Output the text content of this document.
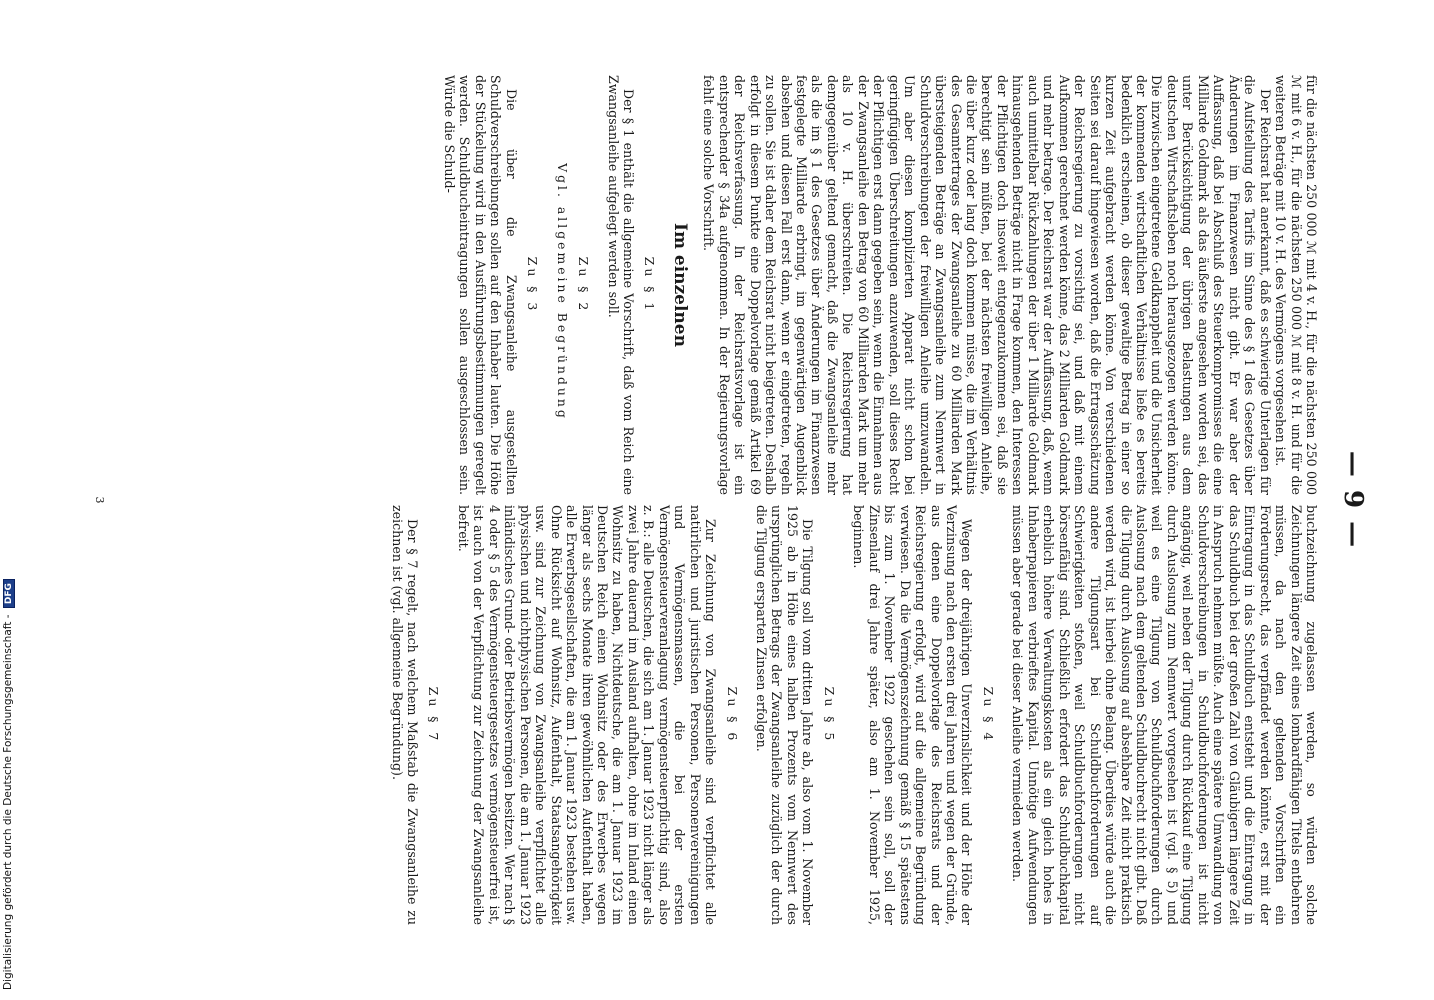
— 9 —

für die nächsten 250 000 ℳ mit 4 v. H., für die nächsten 250 000 ℳ mit 6 v. H., für die nächsten 250 000 ℳ mit 8 v. H. und für die weiteren Beträge mit 10 v. H. des Vermögens vorgesehen ist.

Der Reichsrat hat anerkannt, daß es schwierige Unterlagen für die Aufstellung des Tarifs im Sinne des § 1 des Gesetzes über Änderungen im Finanzwesen nicht gibt. Er war aber der Auffassung, daß bei Abschluß des Steuerkompromisses die eine Milliarde Goldmark als das äußerste angesehen worden sei, das unter Berücksichtigung der übrigen Belastungen aus dem deutschen Wirtschaftsleben noch herausgezogen werden könne. Die inzwischen eingetretene Geldknappheit und die Unsicherheit der kommenden wirtschaftlichen Verhältnisse ließe es bereits bedenklich erscheinen, ob dieser gewaltige Betrag in einer so kurzen Zeit aufgebracht werden könne. Von verschiedenen Seiten sei darauf hingewiesen worden, daß die Ertragsschätzung der Reichsregierung zu vorsichtig sei, und daß mit einem Aufkommen gerechnet werden könne, das 2 Milliarden Goldmark und mehr betrage. Der Reichsrat war der Auffassung, daß, wenn auch unmittelbar Rückzahlungen der über 1 Milliarde Goldmark hinausgehenden Beträge nicht in Frage kommen, den Interessen der Pflichtigen doch insoweit entgegenzukommen sei, daß sie berechtigt sein müßten, bei der nächsten freiwilligen Anleihe, die über kurz oder lang doch kommen müsse, die im Verhältnis des Gesamtertrages der Zwangsanleihe zu 60 Milliarden Mark übersteigenden Beträge an Zwangsanleihe zum Nennwert in Schuldverschreibungen der freiwilligen Anleihe umzuwandeln. Um aber diesen komplizierten Apparat nicht schon bei geringfügigen Überschreitungen anzuwenden, soll dieses Recht der Pflichtigen erst dann gegeben sein, wenn die Einnahmen aus der Zwangsanleihe den Betrag von 60 Milliarden Mark um mehr als 10 v. H. überschreiten. Die Reichsregierung hat demgegenüber geltend gemacht, daß die Zwangsanleihe mehr als die im § 1 des Gesetzes über Änderungen im Finanzwesen festgelegte Milliarde erbringt, im gegenwärtigen Augenblick absehen und diesen Fall erst dann, wenn er eingetreten, regeln zu sollen. Sie ist daher dem Reichsrat nicht beigetreten. Deshalb erfolgt in diesem Punkte eine Doppelvorlage gemäß Artikel 69 der Reichsverfassung. In der Reichsratsvorlage ist ein entsprechender § 34a aufgenommen. In der Regierungsvorlage fehlt eine solche Vorschrift.

Im einzelnen
Zu § 1

Der § 1 enthält die allgemeine Vorschrift, daß vom Reich eine Zwangsanleihe aufgelegt werden soll.

Zu § 2

Vgl. allgemeine Begründung

Zu § 3

Die über die Zwangsanleihe ausgestellten Schuldverschreibungen sollen auf den Inhaber lauten. Die Höhe der Stückelung wird in den Ausführungsbestimmungen geregelt werden. Schuldbucheintragungen sollen ausgeschlossen sein. Würde die Schuld-

buchzeichnung zugelassen werden, so würden solche Zeichnungen längere Zeit eines lombardfähigen Titels entbehren müssen, da nach den geltenden Vorschriften ein Forderungsrecht, das verpfändet werden könnte, erst mit der Eintragung in das Schuldbuch entsteht und die Eintragung in das Schuldbuch bei der großen Zahl von Gläubigern längere Zeit in Anspruch nehmen müßte. Auch eine spätere Umwandlung von Schuldverschreibungen in Schuldbuchforderungen ist nicht angängig, weil neben der Tilgung durch Rückkauf eine Tilgung durch Auslosung zum Nennwert vorgesehen ist (vgl. § 5) und weil es eine Tilgung von Schuldbuchforderungen durch Auslosung nach dem geltenden Schuldbuchrecht nicht gibt. Daß die Tilgung durch Auslosung auf absehbare Zeit nicht praktisch werden wird, ist hierbei ohne Belang. Überdies würde auch die andere Tilgungsart bei Schuldbuchforderungen auf Schwierigkeiten stoßen, weil Schuldbuchforderungen nicht börsenfähig sind. Schließlich erfordert das Schuldbuchkapital erheblich höhere Verwaltungskosten als ein gleich hohes in Inhaberpapieren verbrieftes Kapital. Unnötige Aufwendungen müssen aber gerade bei dieser Anleihe vermieden werden.

Zu § 4

Wegen der dreijährigen Unverzinslichkeit und der Höhe der Verzinsung nach den ersten drei Jahren und wegen der Gründe, aus denen eine Doppelvorlage des Reichsrats und der Reichsregierung erfolgt, wird auf die allgemeine Begründung verwiesen. Da die Vermögenszeichnung gemäß § 15 spätestens bis zum 1. November 1922 geschehen sein soll, soll der Zinsenlauf drei Jahre später, also am 1. November 1925, beginnen.

Zu § 5

Die Tilgung soll vom dritten Jahre ab, also vom 1. November 1925 ab in Höhe eines halben Prozents vom Nennwert des ursprünglichen Betrags der Zwangsanleihe zuzüglich der durch die Tilgung ersparten Zinsen erfolgen.

Zu § 6

Zur Zeichnung von Zwangsanleihe sind verpflichtet alle natürlichen und juristischen Personen, Personenvereinigungen und Vermögensmassen, die bei der ersten Vermögensteuerveranlagung vermögensteuerpflichtig sind, also z. B.: alle Deutschen, die sich am 1. Januar 1923 nicht länger als zwei Jahre dauernd im Ausland aufhalten, ohne im Inland einen Wohnsitz zu haben, Nichtdeutsche, die am 1. Januar 1923 im Deutschen Reich einen Wohnsitz oder des Erwerbes wegen länger als sechs Monate ihren gewöhnlichen Aufenthalt haben, alle Erwerbsgesellschaften, die am 1. Januar 1923 bestehen usw. Ohne Rücksicht auf Wohnsitz, Aufenthalt, Staatsangehörigkeit usw. sind zur Zeichnung von Zwangsanleihe verpflichtet alle physischen und nichtphysischen Personen, die am 1. Januar 1923 inländisches Grund- oder Betriebsvermögen besitzen. Wer nach § 4 oder § 5 des Vermögensteuergesetzes vermögensteuerfrei ist, ist auch von der Verpflichtung zur Zeichnung der Zwangsanleihe befreit.

Zu § 7

Der § 7 regelt, nach welchem Maßstab die Zwangsanleihe zu zeichnen ist (vgl. allgemeine Begründung).

3
Digitalisierung gefördert durch die Deutsche Forschungsgemeinschaft - DFG
